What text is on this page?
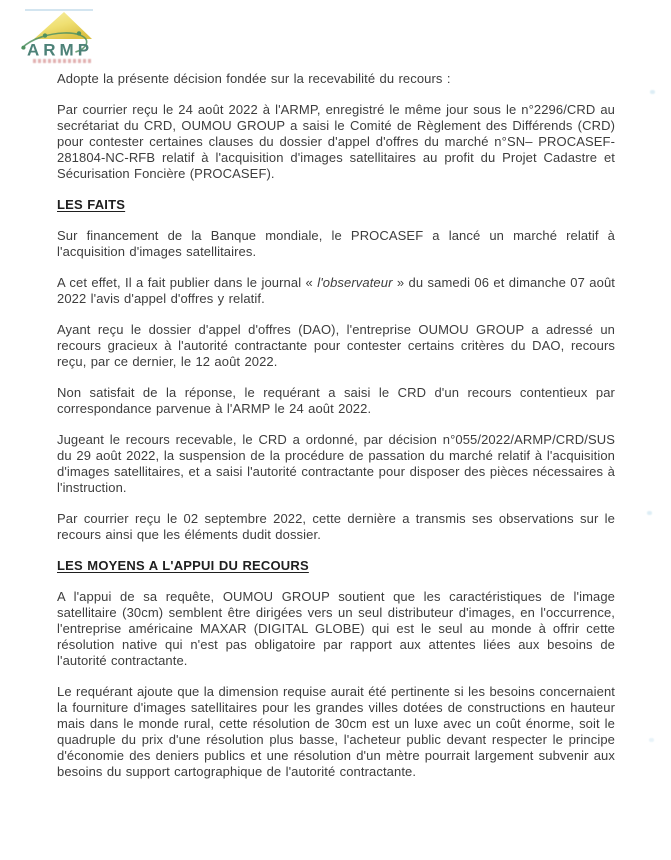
ARMP

Adopte la présente décision fondée sur la recevabilité du recours :

Par courrier reçu le 24 août 2022 à l'ARMP, enregistré le même jour sous le n°2296/CRD au secrétariat du CRD, OUMOU GROUP a saisi le Comité de Règlement des Différends (CRD) pour contester certaines clauses du dossier d'appel d'offres du marché n°SN– PROCASEF- 281804-NC-RFB relatif à l'acquisition d'images satellitaires au profit du Projet Cadastre et Sécurisation Foncière (PROCASEF).

LES FAITS

Sur financement de la Banque mondiale, le PROCASEF a lancé un marché relatif à l'acquisition d'images satellitaires.

A cet effet, Il a fait publier dans le journal « l'observateur » du samedi 06 et dimanche 07 août 2022 l'avis d'appel d'offres y relatif.

Ayant reçu le dossier d'appel d'offres (DAO), l'entreprise OUMOU GROUP a adressé un recours gracieux à l'autorité contractante pour contester certains critères du DAO, recours reçu, par ce dernier, le 12 août 2022.

Non satisfait de la réponse, le requérant a saisi le CRD d'un recours contentieux par correspondance parvenue à l'ARMP le 24 août 2022.

Jugeant le recours recevable, le CRD a ordonné, par décision n°055/2022/ARMP/CRD/SUS du 29 août 2022, la suspension de la procédure de passation du marché relatif à l'acquisition d'images satellitaires, et a saisi l'autorité contractante pour disposer des pièces nécessaires à l'instruction.

Par courrier reçu le 02 septembre 2022, cette dernière a transmis ses observations sur le recours ainsi que les éléments dudit dossier.

LES MOYENS A L'APPUI DU RECOURS

A l'appui de sa requête, OUMOU GROUP soutient que les caractéristiques de l'image satellitaire (30cm) semblent être dirigées vers un seul distributeur d'images, en l'occurrence, l'entreprise américaine MAXAR (DIGITAL GLOBE) qui est le seul au monde à offrir cette résolution native qui n'est pas obligatoire par rapport aux attentes liées aux besoins de l'autorité contractante.

Le requérant ajoute que la dimension requise aurait été pertinente si les besoins concernaient la fourniture d'images satellitaires pour les grandes villes dotées de constructions en hauteur mais dans le monde rural, cette résolution de 30cm est un luxe avec un coût énorme, soit le quadruple du prix d'une résolution plus basse, l'acheteur public devant respecter le principe d'économie des deniers publics et une résolution d'un mètre pourrait largement subvenir aux besoins du support cartographique de l'autorité contractante.
